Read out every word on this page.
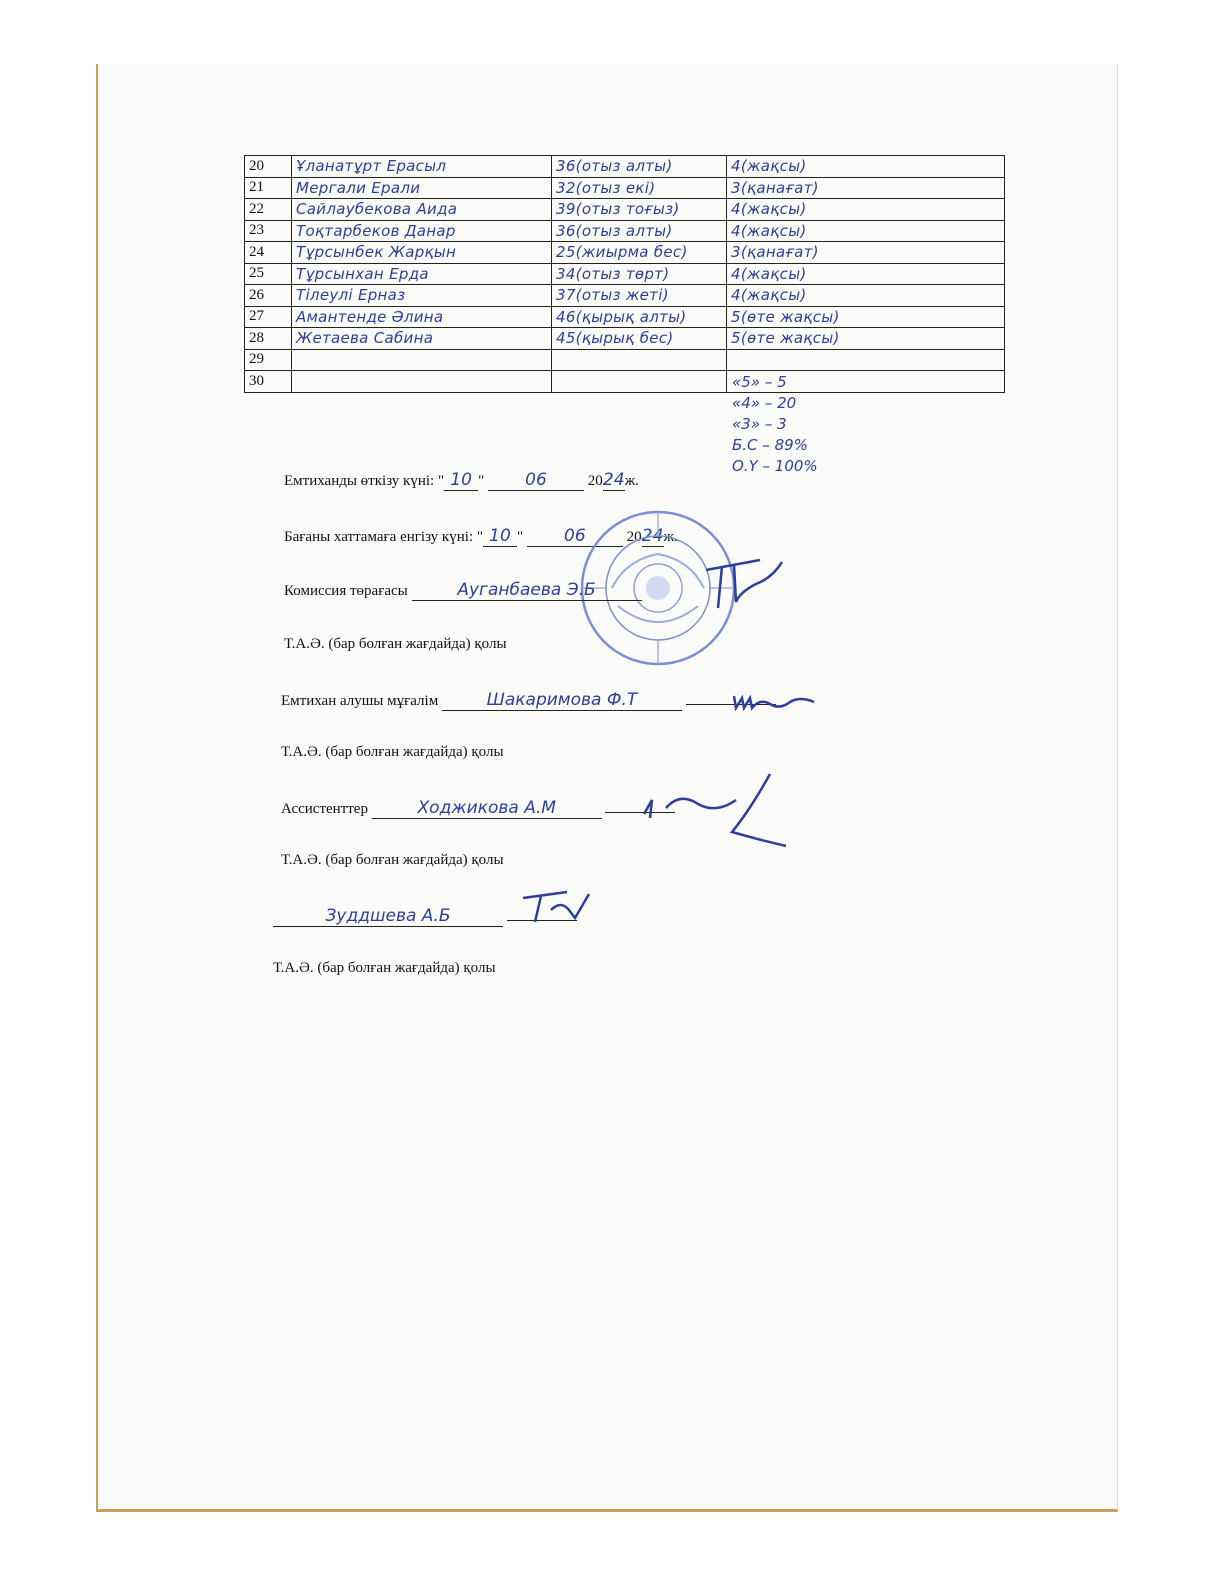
20	Ұланатұрт Ерасыл	36(отыз алты)	4(жақсы)
21	Мергали Ерали	32(отыз екі)	3(қанағат)
22	Сайлаубекова Аида	39(отыз тоғыз)	4(жақсы)
23	Тоқтарбеков Данар	36(отыз алты)	4(жақсы)
24	Тұрсынбек Жарқын	25(жиырма бес)	3(қанағат)
25	Тұрсынхан Ерда	34(отыз төрт)	4(жақсы)
26	Тілеулі Ерназ	37(отыз жеті)	4(жақсы)
27	Амантенде Әлина	46(қырық алты)	5(өте жақсы)
28	Жетаева Сабина	45(қырық бес)	5(өте жақсы)
29			
30				«5» – 5
«4» – 20
«3» – 3
Б.С – 89%
О.Ү – 100%
Емтиханды өткізу күні: " 10 " 06	2024ж.
Бағаны хаттамаға енгізу күні: " 10 " 06	2024ж.
Комиссия төрағасы	Ауганбаева Э.Б
Т.А.Ә. (бар болған жағдайда) қолы
Емтихан алушы мұғалім	Шакаримова Ф.Т
Т.А.Ә. (бар болған жағдайда) қолы
Ассистенттер	Ходжикова А.М
Т.А.Ә. (бар болған жағдайда) қолы
Зуддшева А.Б
Т.А.Ә. (бар болған жағдайда) қолы
